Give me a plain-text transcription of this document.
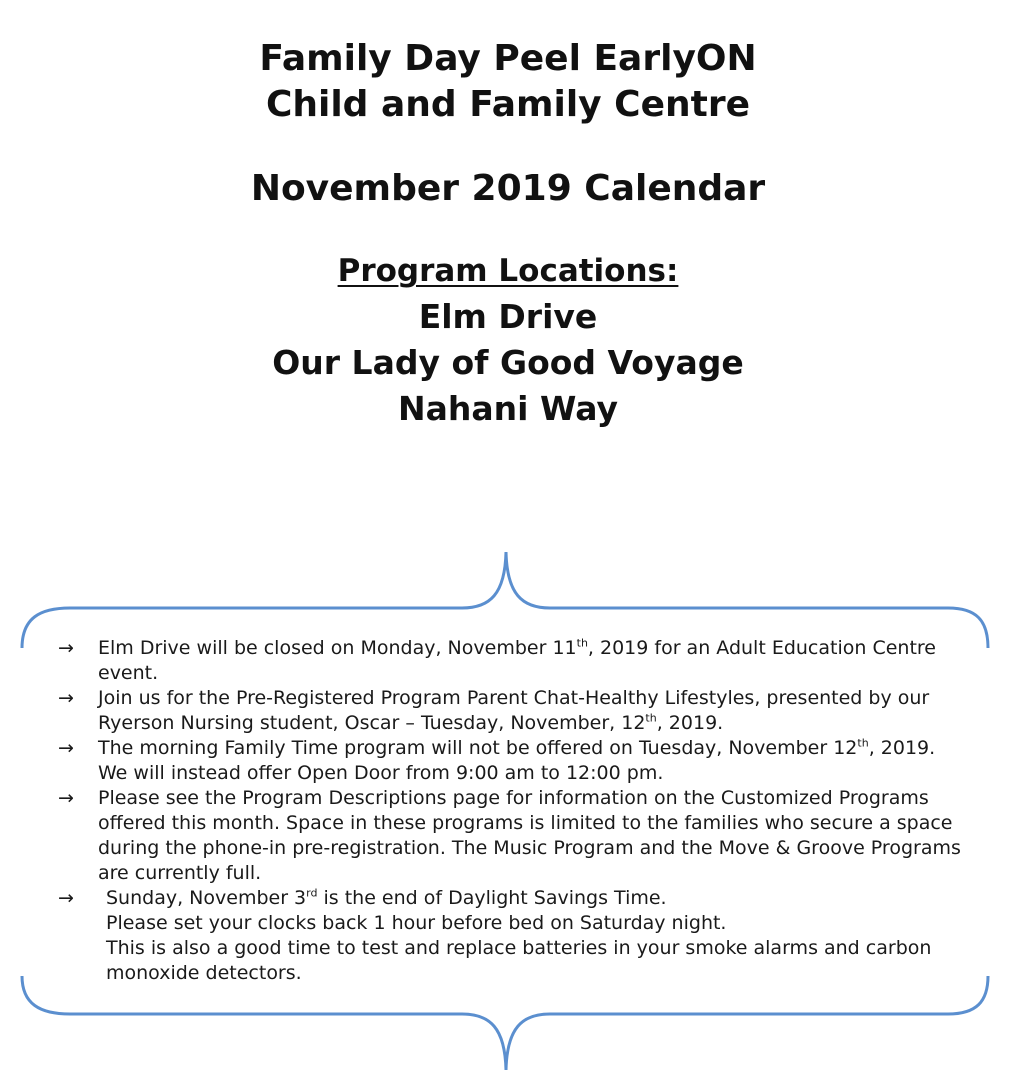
Family Day Peel EarlyON
Child and Family Centre
November 2019 Calendar
Program Locations:
Elm Drive
Our Lady of Good Voyage
Nahani Way
→	Elm Drive will be closed on Monday, November 11th, 2019 for an Adult Education Centre event.
→	Join us for the Pre-Registered Program Parent Chat-Healthy Lifestyles, presented by our Ryerson Nursing student, Oscar – Tuesday, November, 12th, 2019.
→	The morning Family Time program will not be offered on Tuesday, November 12th, 2019.
We will instead offer Open Door from 9:00 am to 12:00 pm.
→	Please see the Program Descriptions page for information on the Customized Programs offered this month. Space in these programs is limited to the families who secure a space during the phone-in pre-registration. The Music Program and the Move & Groove Programs are currently full.
→	Sunday, November 3rd is the end of Daylight Savings Time.
Please set your clocks back 1 hour before bed on Saturday night.
This is also a good time to test and replace batteries in your smoke alarms and carbon monoxide detectors.
